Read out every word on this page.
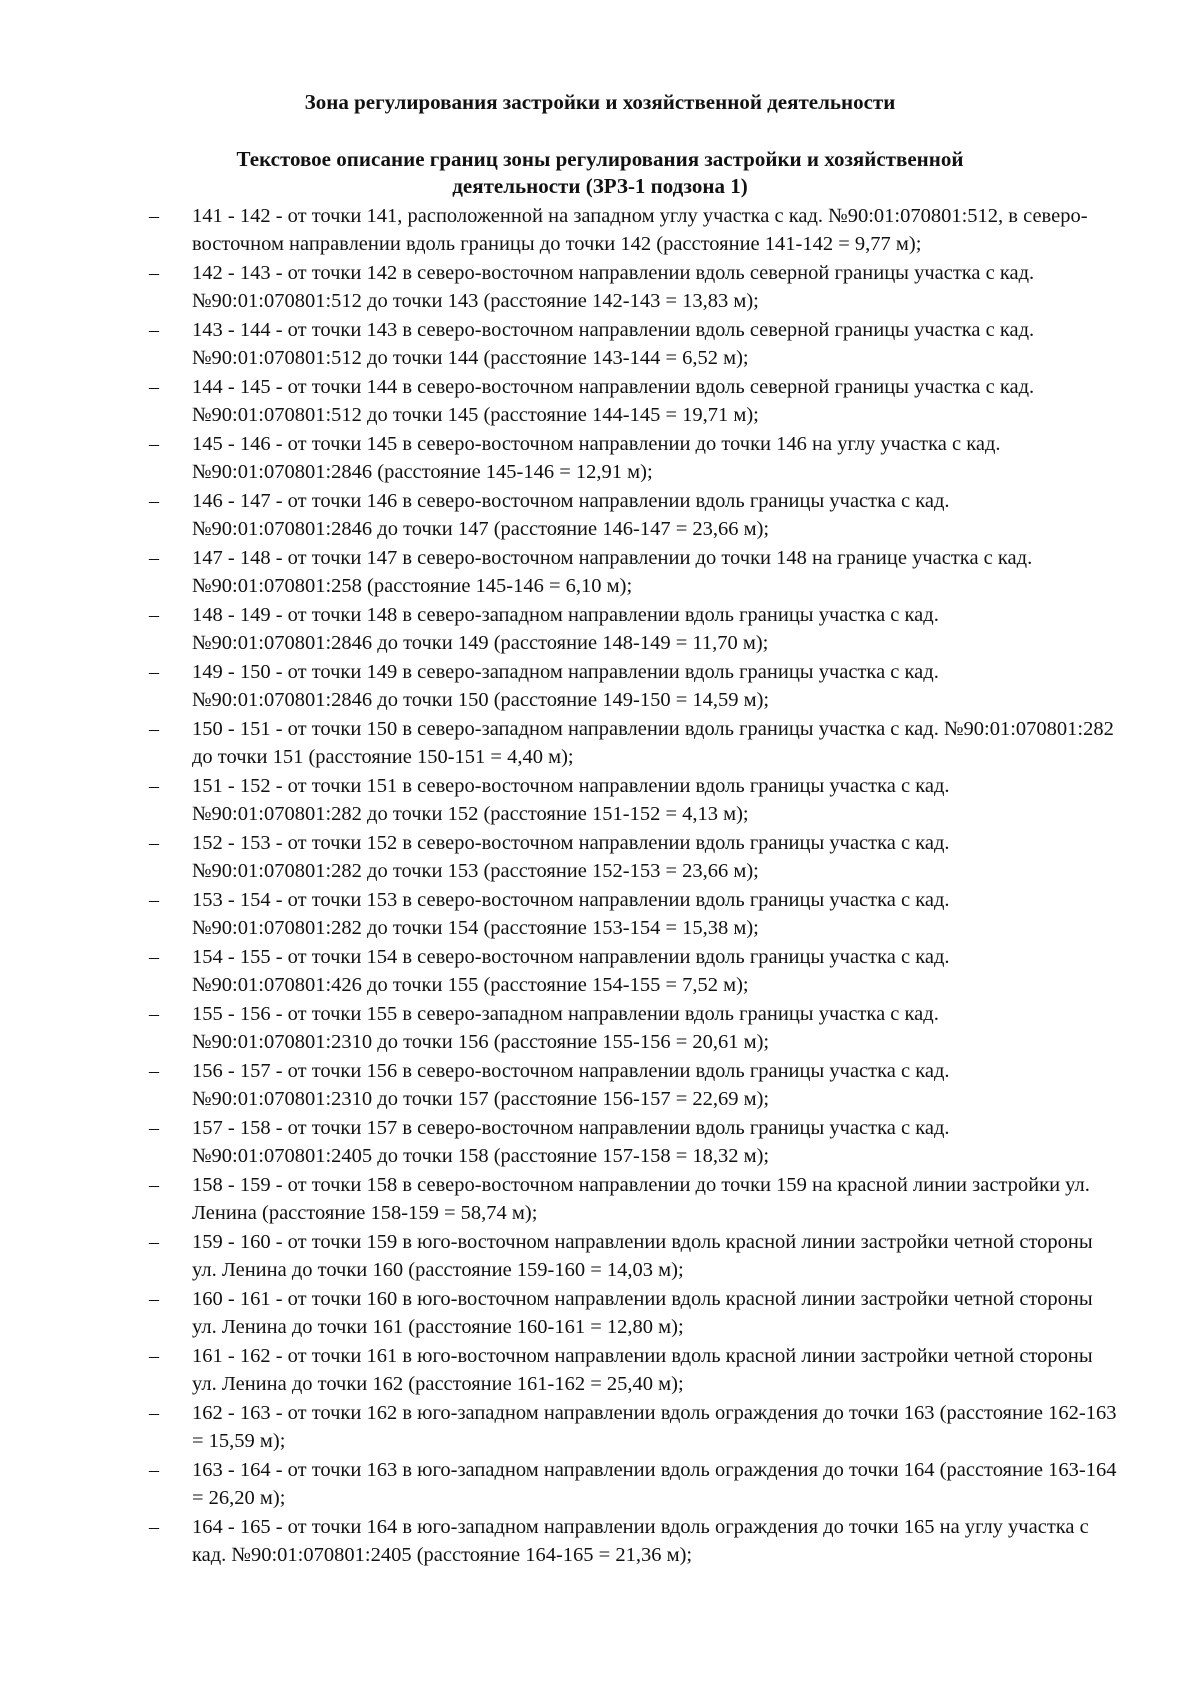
Зона регулирования застройки и хозяйственной деятельности
Текстовое описание границ зоны регулирования застройки и хозяйственной деятельности (ЗРЗ-1 подзона 1)
– 141 - 142 - от точки 141, расположенной на западном углу участка с кад. №90:01:070801:512, в северо-восточном направлении вдоль границы до точки 142 (расстояние 141-142 = 9,77 м);
– 142 - 143 - от точки 142 в северо-восточном направлении вдоль северной границы участка с кад. №90:01:070801:512 до точки 143 (расстояние 142-143 = 13,83 м);
– 143 - 144 - от точки 143 в северо-восточном направлении вдоль северной границы участка с кад. №90:01:070801:512 до точки 144 (расстояние 143-144 = 6,52 м);
– 144 - 145 - от точки 144 в северо-восточном направлении вдоль северной границы участка с кад. №90:01:070801:512 до точки 145 (расстояние 144-145 = 19,71 м);
– 145 - 146 - от точки 145 в северо-восточном направлении до точки 146 на углу участка с кад. №90:01:070801:2846 (расстояние 145-146 = 12,91 м);
– 146 - 147 - от точки 146 в северо-восточном направлении вдоль границы участка с кад. №90:01:070801:2846 до точки 147 (расстояние 146-147 = 23,66 м);
– 147 - 148 - от точки 147 в северо-восточном направлении до точки 148 на границе участка с кад. №90:01:070801:258 (расстояние 145-146 = 6,10 м);
– 148 - 149 - от точки 148 в северо-западном направлении вдоль границы участка с кад. №90:01:070801:2846 до точки 149 (расстояние 148-149 = 11,70 м);
– 149 - 150 - от точки 149 в северо-западном направлении вдоль границы участка с кад. №90:01:070801:2846 до точки 150 (расстояние 149-150 = 14,59 м);
– 150 - 151 - от точки 150 в северо-западном направлении вдоль границы участка с кад. №90:01:070801:282 до точки 151 (расстояние 150-151 = 4,40 м);
– 151 - 152 - от точки 151 в северо-восточном направлении вдоль границы участка с кад. №90:01:070801:282 до точки 152 (расстояние 151-152 = 4,13 м);
– 152 - 153 - от точки 152 в северо-восточном направлении вдоль границы участка с кад. №90:01:070801:282 до точки 153 (расстояние 152-153 = 23,66 м);
– 153 - 154 - от точки 153 в северо-восточном направлении вдоль границы участка с кад. №90:01:070801:282 до точки 154 (расстояние 153-154 = 15,38 м);
– 154 - 155 - от точки 154 в северо-восточном направлении вдоль границы участка с кад. №90:01:070801:426 до точки 155 (расстояние 154-155 = 7,52 м);
– 155 - 156 - от точки 155 в северо-западном направлении вдоль границы участка с кад. №90:01:070801:2310 до точки 156 (расстояние 155-156 = 20,61 м);
– 156 - 157 - от точки 156 в северо-восточном направлении вдоль границы участка с кад. №90:01:070801:2310 до точки 157 (расстояние 156-157 = 22,69 м);
– 157 - 158 - от точки 157 в северо-восточном направлении вдоль границы участка с кад. №90:01:070801:2405 до точки 158 (расстояние 157-158 = 18,32 м);
– 158 - 159 - от точки 158 в северо-восточном направлении до точки 159 на красной линии застройки ул. Ленина (расстояние 158-159 = 58,74 м);
– 159 - 160 - от точки 159 в юго-восточном направлении вдоль красной линии застройки четной стороны ул. Ленина до точки 160 (расстояние 159-160 = 14,03 м);
– 160 - 161 - от точки 160 в юго-восточном направлении вдоль красной линии застройки четной стороны ул. Ленина до точки 161 (расстояние 160-161 = 12,80 м);
– 161 - 162 - от точки 161 в юго-восточном направлении вдоль красной линии застройки четной стороны ул. Ленина до точки 162 (расстояние 161-162 = 25,40 м);
– 162 - 163 - от точки 162 в юго-западном направлении вдоль ограждения до точки 163 (расстояние 162-163 = 15,59 м);
– 163 - 164 - от точки 163 в юго-западном направлении вдоль ограждения до точки 164 (расстояние 163-164 = 26,20 м);
– 164 - 165 - от точки 164 в юго-западном направлении вдоль ограждения до точки 165 на углу участка с кад. №90:01:070801:2405 (расстояние 164-165 = 21,36 м);
